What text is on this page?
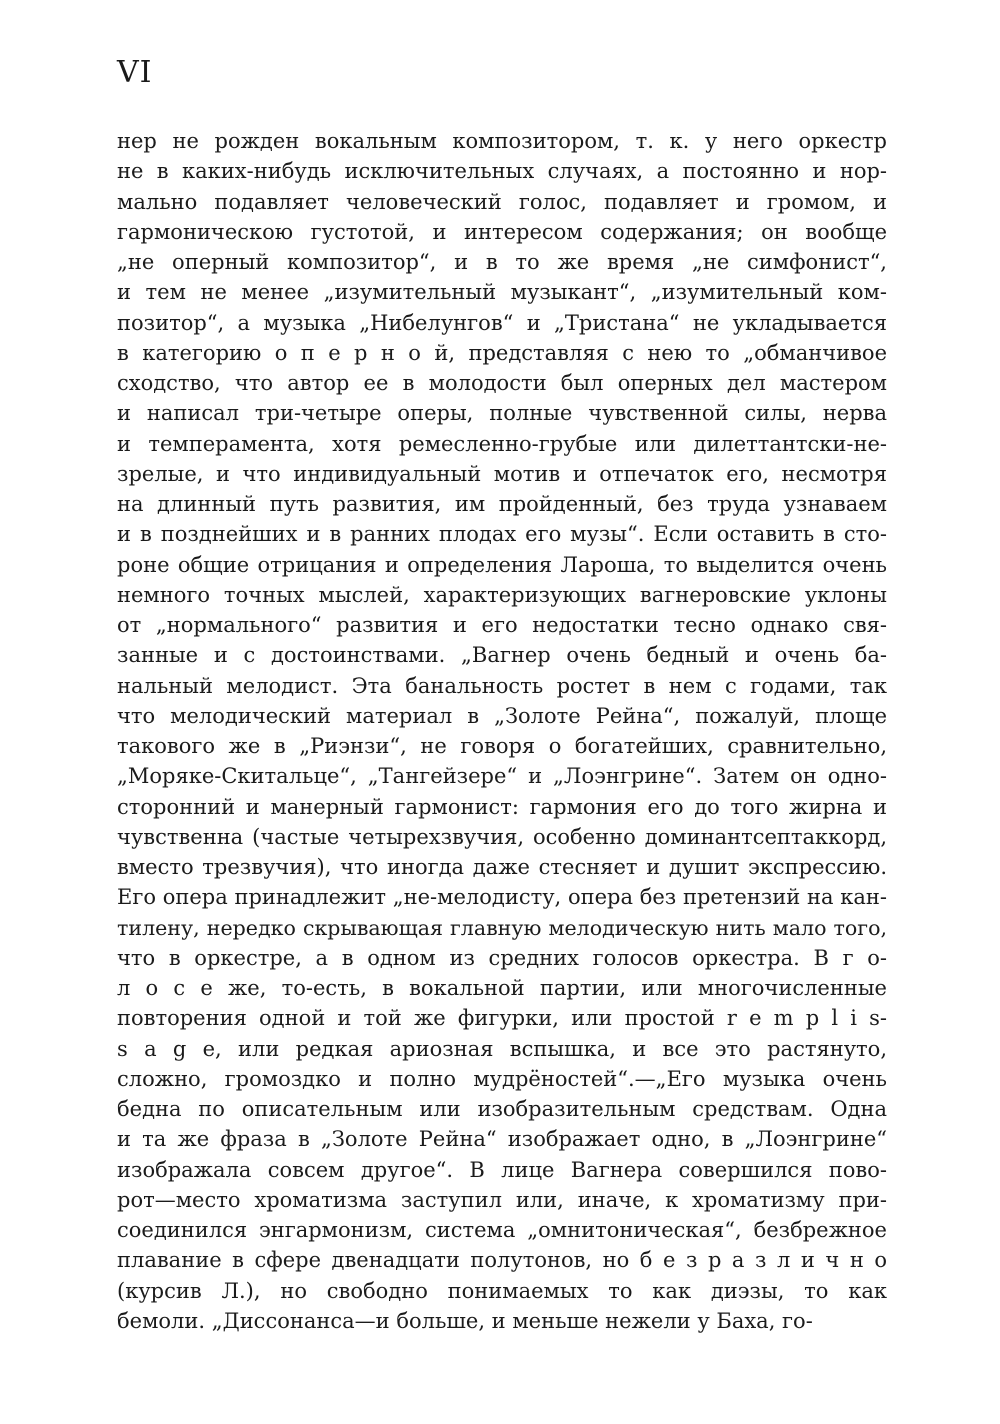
VI
нер не рожден вокальным композитором, т. к. у него оркестр
не в каких-нибудь исключительных случаях, а постоянно и нор-
мально подавляет человеческий голос, подавляет и громом, и
гармоническою густотой, и интересом содержания; он вообще
„не оперный композитор“, и в то же время „не симфонист“,
и тем не менее „изумительный музыкант“, „изумительный ком-
позитор“, а музыка „Нибелунгов“ и „Тристана“ не укладывается
в категорию о п е р н о й, представляя с нею то „обманчивое
сходство, что автор ее в молодости был оперных дел мастером
и написал три-четыре оперы, полные чувственной силы, нерва
и темперамента, хотя ремесленно-грубые или дилеттантски-не-
зрелые, и что индивидуальный мотив и отпечаток его, несмотря
на длинный путь развития, им пройденный, без труда узнаваем
и в позднейших и в ранних плодах его музы“. Если оставить в сто-
роне общие отрицания и определения Лароша, то выделится очень
немного точных мыслей, характеризующих вагнеровские уклоны
от „нормального“ развития и его недостатки тесно однако свя-
занные и с достоинствами. „Вагнер очень бедный и очень ба-
нальный мелодист. Эта банальность ростет в нем с годами, так
что мелодический материал в „Золоте Рейна“, пожалуй, площе
такового же в „Риэнзи“, не говоря о богатейших, сравнительно,
„Моряке-Скитальце“, „Тангейзере“ и „Лоэнгрине“. Затем он одно-
сторонний и манерный гармонист: гармония его до того жирна и
чувственна (частые четырехзвучия, особенно доминантсептаккорд,
вместо трезвучия), что иногда даже стесняет и душит экспрессию.
Его опера принадлежит „не-мелодисту, опера без претензий на кан-
тилену, нередко скрывающая главную мелодическую нить мало того,
что в оркестре, а в одном из средних голосов оркестра. В г о-
л о с е же, то-есть, в вокальной партии, или многочисленные
повторения одной и той же фигурки, или простой r e m p l i s-
s a g e, или редкая ариозная вспышка, и все это растянуто,
сложно, громоздко и полно мудрёностей“.—„Его музыка очень
бедна по описательным или изобразительным средствам. Одна
и та же фраза в „Золоте Рейна“ изображает одно, в „Лоэнгрине“
изображала совсем другое“. В лице Вагнера совершился пово-
рот—место хроматизма заступил или, иначе, к хроматизму при-
соединился энгармонизм, система „омнитоническая“, безбрежное
плавание в сфере двенадцати полутонов, но б е з р а з л и ч н о
(курсив Л.), но свободно понимаемых то как диэзы, то как
бемоли. „Диссонанса—и больше, и меньше нежели у Баха, го-
